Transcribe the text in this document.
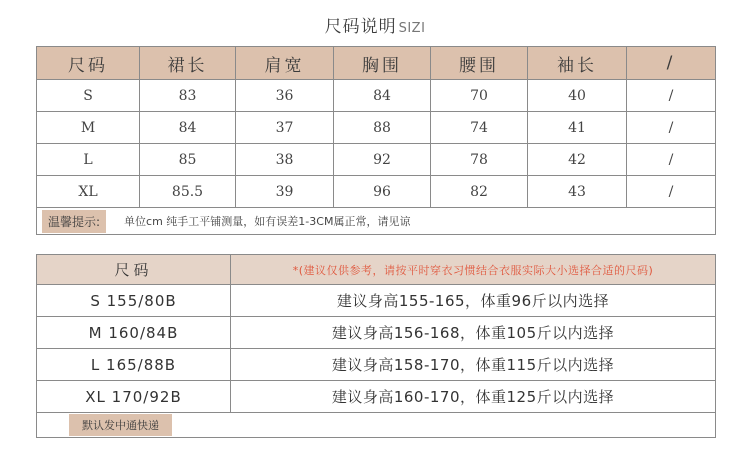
尺码说明 SIZI
尺码	裙长	肩宽	胸围	腰围	袖长	/
S	83	36	84	70	40	/
M	84	37	88	74	41	/
L	85	38	92	78	42	/
XL	85.5	39	96	82	43	/
温馨提示:	单位cm 纯手工平铺测量，如有误差1-3CM属正常，请见谅
尺码	*(建议仅供参考，请按平时穿衣习惯结合衣服实际大小选择合适的尺码)
S 155/80B	建议身高155-165，体重96斤以内选择
M 160/84B	建议身高156-168，体重105斤以内选择
L 165/88B	建议身高158-170，体重115斤以内选择
XL 170/92B	建议身高160-170，体重125斤以内选择
默认发中通快递
